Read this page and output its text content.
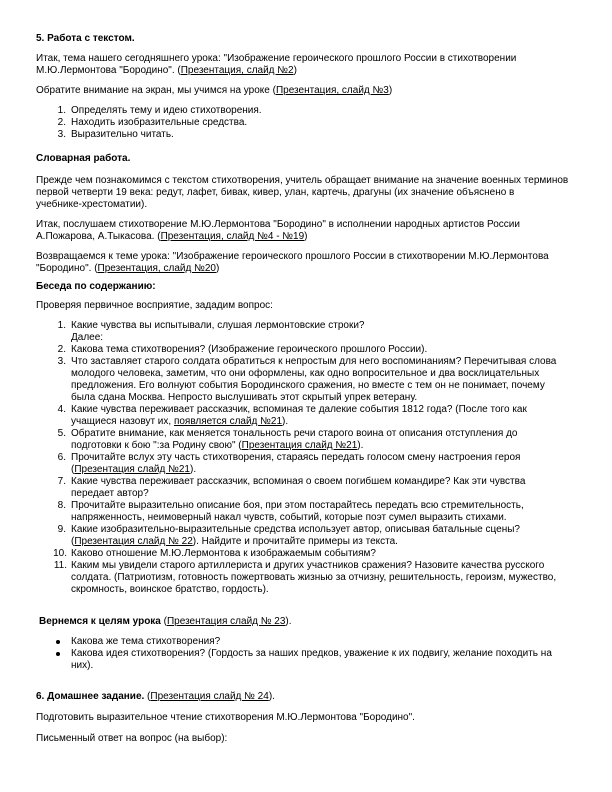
5. Работа с текстом.
Итак, тема нашего сегодняшнего урока: "Изображение героического прошлого России в стихотворении
М.Ю.Лермонтова "Бородино". (Презентация, слайд №2)
Обратите внимание на экран, мы учимся на уроке (Презентация, слайд №3)
1. Определять тему и идею стихотворения.
2. Находить изобразительные средства.
3. Выразительно читать.
Словарная работа.
Прежде чем познакомимся с текстом стихотворения, учитель обращает внимание на значение военных терминов
первой четверти 19 века: редут, лафет, бивак, кивер, улан, картечь, драгуны (их значение объяснено в
учебнике-хрестоматии).
Итак, послушаем стихотворение М.Ю.Лермонтова "Бородино" в исполнении народных артистов России
А.Пожарова, А.Тыкасова. (Презентация, слайд №4 - №19)
Возвращаемся к теме урока: "Изображение героического прошлого России в стихотворении М.Ю.Лермонтова
"Бородино". (Презентация, слайд №20)
Беседа по содержанию:
Проверяя первичное восприятие, зададим вопрос:
1. Какие чувства вы испытывали, слушая лермонтовские строки?
Далее:
2. Какова тема стихотворения? (Изображение героического прошлого России).
3. Что заставляет старого солдата обратиться к непростым для него воспоминаниям? Перечитывая слова
молодого человека, заметим, что они оформлены, как одно вопросительное и два восклицательных
предложения. Его волнуют события Бородинского сражения, но вместе с тем он не понимает, почему
была сдана Москва. Непросто выслушивать этот скрытый упрек ветерану.
4. Какие чувства переживает рассказчик, вспоминая те далекие события 1812 года? (После того как
учащиеся назовут их, появляется слайд №21).
5. Обратите внимание, как меняется тональность речи старого воина от описания отступления до
подготовки к бою ":за Родину свою" (Презентация слайд №21).
6. Прочитайте вслух эту часть стихотворения, стараясь передать голосом смену настроения героя
(Презентация слайд №21).
7. Какие чувства переживает рассказчик, вспоминая о своем погибшем командире? Как эти чувства
передает автор?
8. Прочитайте выразительно описание боя, при этом постарайтесь передать всю стремительность,
напряженность, неимоверный накал чувств, событий, которые поэт сумел выразить стихами.
9. Какие изобразительно-выразительные средства использует автор, описывая батальные сцены?
(Презентация слайд № 22). Найдите и прочитайте примеры из текста.
10. Каково отношение М.Ю.Лермонтова к изображаемым событиям?
11. Каким мы увидели старого артиллериста и других участников сражения? Назовите качества русского
солдата. (Патриотизм, готовность пожертвовать жизнью за отчизну, решительность, героизм, мужество,
скромность, воинское братство, гордость).
Вернемся к целям урока (Презентация слайд № 23).
Какова же тема стихотворения?
Какова идея стихотворения? (Гордость за наших предков, уважение к их подвигу, желание походить на
них).
6. Домашнее задание. (Презентация слайд № 24).
Подготовить выразительное чтение стихотворения М.Ю.Лермонтова "Бородино".
Письменный ответ на вопрос (на выбор):
